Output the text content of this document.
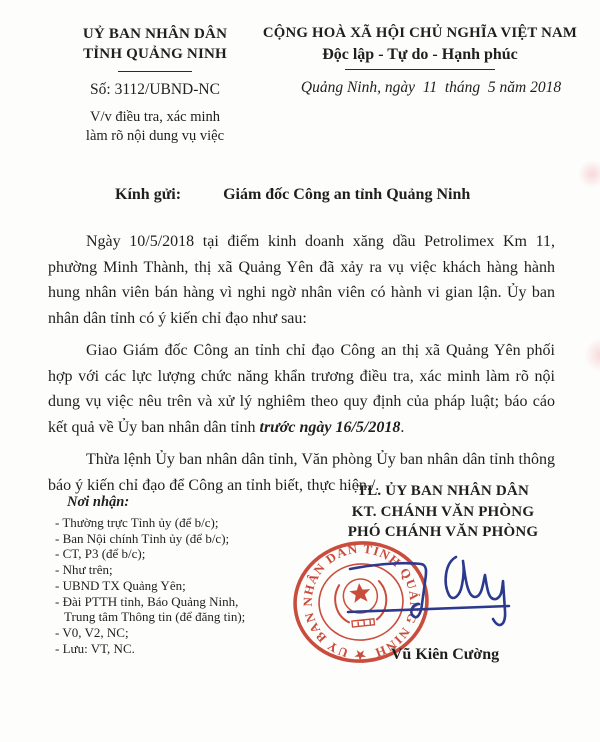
UỶ BAN NHÂN DÂN
TỈNH QUẢNG NINH
Số: 3112/UBND-NC
V/v điều tra, xác minh
làm rõ nội dung vụ việc
CỘNG HOÀ XÃ HỘI CHỦ NGHĨA VIỆT NAM
Độc lập - Tự do - Hạnh phúc
Quảng Ninh, ngày  11  tháng  5 năm 2018
Kính gửi:	Giám đốc Công an tỉnh Quảng Ninh

Ngày 10/5/2018 tại điểm kinh doanh xăng dầu Petrolimex Km 11, phường Minh Thành, thị xã Quảng Yên đã xảy ra vụ việc khách hàng hành hung nhân viên bán hàng vì nghi ngờ nhân viên có hành vi gian lận. Ủy ban nhân dân tỉnh có ý kiến chỉ đạo như sau:

Giao Giám đốc Công an tỉnh chỉ đạo Công an thị xã Quảng Yên phối hợp với các lực lượng chức năng khẩn trương điều tra, xác minh làm rõ nội dung vụ việc nêu trên và xử lý nghiêm theo quy định của pháp luật; báo cáo kết quả về Ủy ban nhân dân tỉnh trước ngày 16/5/2018.

Thừa lệnh Ủy ban nhân dân tỉnh, Văn phòng Ủy ban nhân dân tỉnh thông báo ý kiến chỉ đạo để Công an tỉnh biết, thực hiện./.

TL. ỦY BAN NHÂN DÂN
KT. CHÁNH VĂN PHÒNG
PHÓ CHÁNH VĂN PHÒNG
Nơi nhận:
- Thường trực Tỉnh ủy (để b/c);
- Ban Nội chính Tỉnh ủy (để b/c);
- CT, P3 (để b/c);
- Như trên;
- UBND TX Quảng Yên;
- Đài PTTH tỉnh, Báo Quảng Ninh,
Trung tâm Thông tin (để đăng tin);
- V0, V2, NC;
- Lưu: VT, NC.	★ ỦY BAN NHÂN DÂN TỈNH QUẢNG NINH Vũ Kiên Cường
